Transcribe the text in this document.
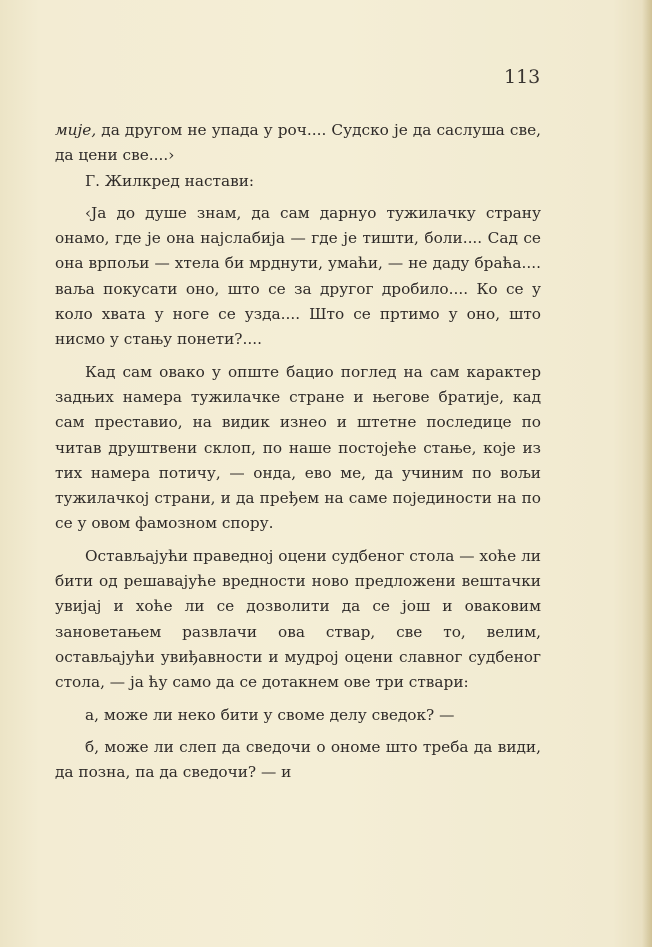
113

мије, да другом не упада у роч.... Судско је да саслуша све, да цени све....›

Г. Жилкред настави:

‹Ја до душе знам, да сам дарнуо тужилачку страну онамо, где је она најслабија — где је тишти, боли.... Сад се она врпољи — хтела би мрднути, умаћи, — не даду браћа.... ваља покусати оно, што се за другог дробило.... Ко се у коло хвата у ноге се узда.... Што се пртимо у оно, што нисмо у стању понети?....

Кад сам овако у опште бацио поглед на сам карактер задњих намера тужилачке стране и његове братије, кад сам преставио, на видик изнео и штетне последице по читав друштвени склоп, по наше постојеће стање, које из тих намера потичу, — онда, ево ме, да учиним по вољи тужилачкој страни, и да пређем на саме појединости на по се у овом фамозном спору.

Остављајући праведној оцени судбеног стола — хоће ли бити од решавајуће вредности ново предложени вештачки увијај и хоће ли се дозволити да се још и оваковим зановетањем развлачи ова ствар, све то, велим, остављајући увиђавности и мудрој оцени славног судбеног стола, — ја ћу само да се дотакнем ове три ствари:

а, може ли неко бити у своме делу сведок? —

б, може ли слеп да сведочи о ономе што треба да види, да позна, па да сведочи? — и
